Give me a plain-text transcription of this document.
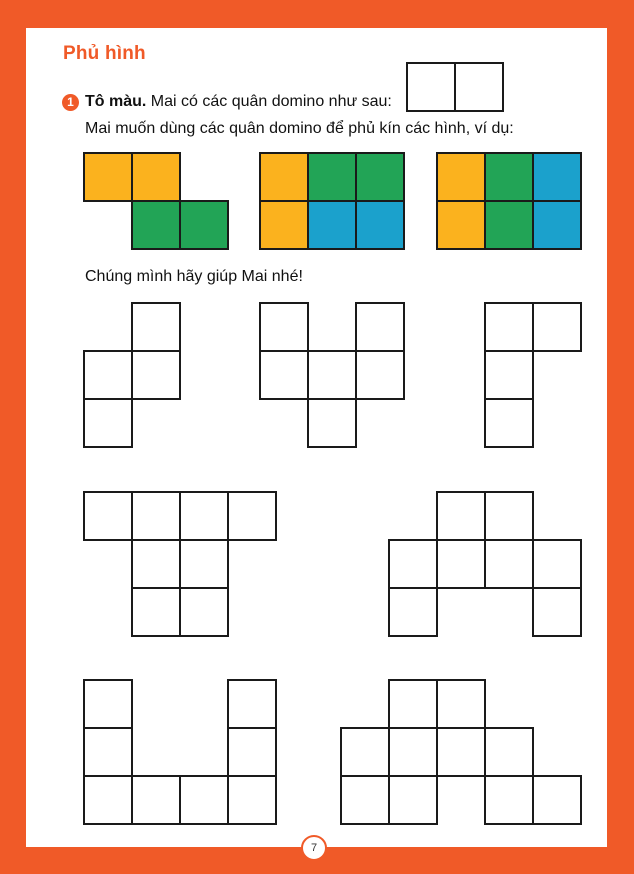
Phủ hình
1 Tô màu. Mai có các quân domino như sau:
Mai muốn dùng các quân domino để phủ kín các hình, ví dụ:
Chúng mình hãy giúp Mai nhé!
7
